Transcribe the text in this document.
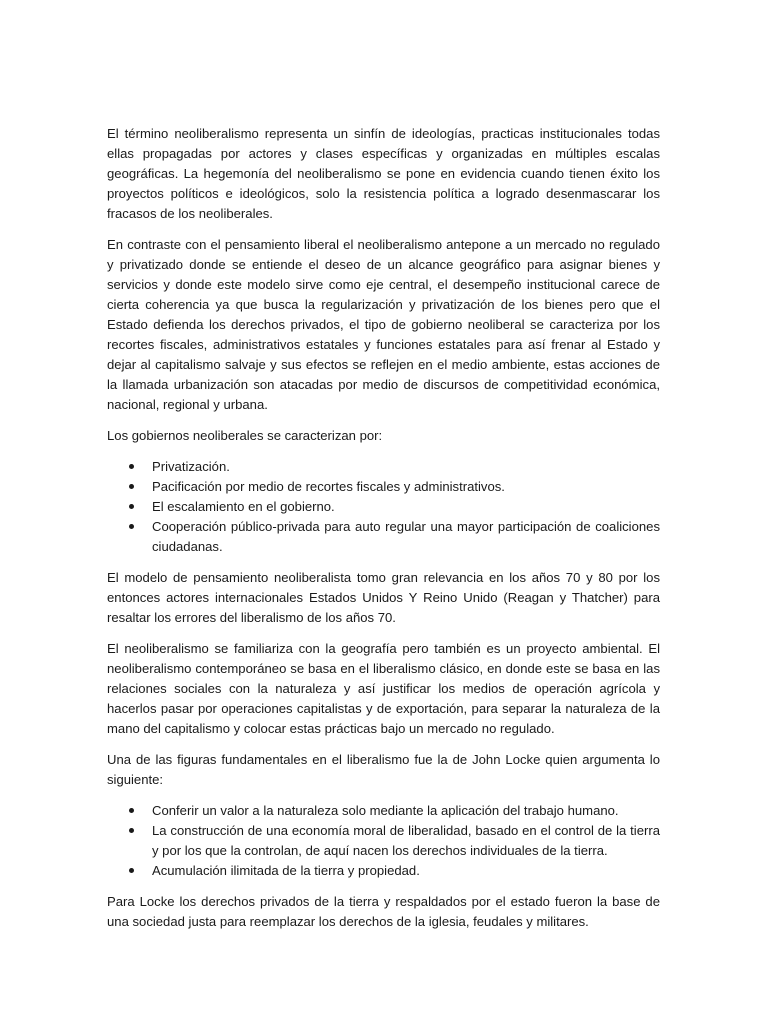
El término neoliberalismo representa un sinfín de ideologías, practicas institucionales todas ellas propagadas por actores y clases específicas y organizadas en múltiples escalas geográficas. La hegemonía del neoliberalismo se pone en evidencia cuando tienen éxito los proyectos políticos e ideológicos, solo la resistencia política a logrado desenmascarar los fracasos de los neoliberales.

En contraste con el pensamiento liberal el neoliberalismo antepone a un mercado no regulado y privatizado donde se entiende el deseo de un alcance geográfico para asignar bienes y servicios y donde este modelo sirve como eje central, el desempeño institucional carece de cierta coherencia ya que busca la regularización y privatización de los bienes pero que el Estado defienda los derechos privados, el tipo de gobierno neoliberal se caracteriza por los recortes fiscales, administrativos estatales y funciones estatales para así frenar al Estado y dejar al capitalismo salvaje y sus efectos se reflejen en el medio ambiente, estas acciones de la llamada urbanización son atacadas por medio de discursos de competitividad económica, nacional, regional y urbana.

Los gobiernos neoliberales se caracterizan por:

Privatización.
Pacificación por medio de recortes fiscales y administrativos.
El escalamiento en el gobierno.
Cooperación público-privada para auto regular una mayor participación de coaliciones ciudadanas.

El modelo de pensamiento neoliberalista tomo gran relevancia en los años 70 y 80 por los entonces actores internacionales Estados Unidos Y Reino Unido (Reagan y Thatcher) para resaltar los errores del liberalismo de los años 70.

El neoliberalismo se familiariza con la geografía pero también es un proyecto ambiental. El neoliberalismo contemporáneo se basa en el liberalismo clásico, en donde este se basa en las relaciones sociales con la naturaleza y así justificar los medios de operación agrícola y hacerlos pasar por operaciones capitalistas y de exportación, para separar la naturaleza de la mano del capitalismo y colocar estas prácticas bajo un mercado no regulado.

Una de las figuras fundamentales en el liberalismo fue la de John Locke quien argumenta lo siguiente:

Conferir un valor a la naturaleza solo mediante la aplicación del trabajo humano.
La construcción de una economía moral de liberalidad, basado en el control de la tierra y por los que la controlan, de aquí nacen los derechos individuales de la tierra.
Acumulación ilimitada de la tierra y propiedad.

Para Locke los derechos privados de la tierra y respaldados por el estado fueron la base de una sociedad justa para reemplazar los derechos de la iglesia, feudales y militares.
